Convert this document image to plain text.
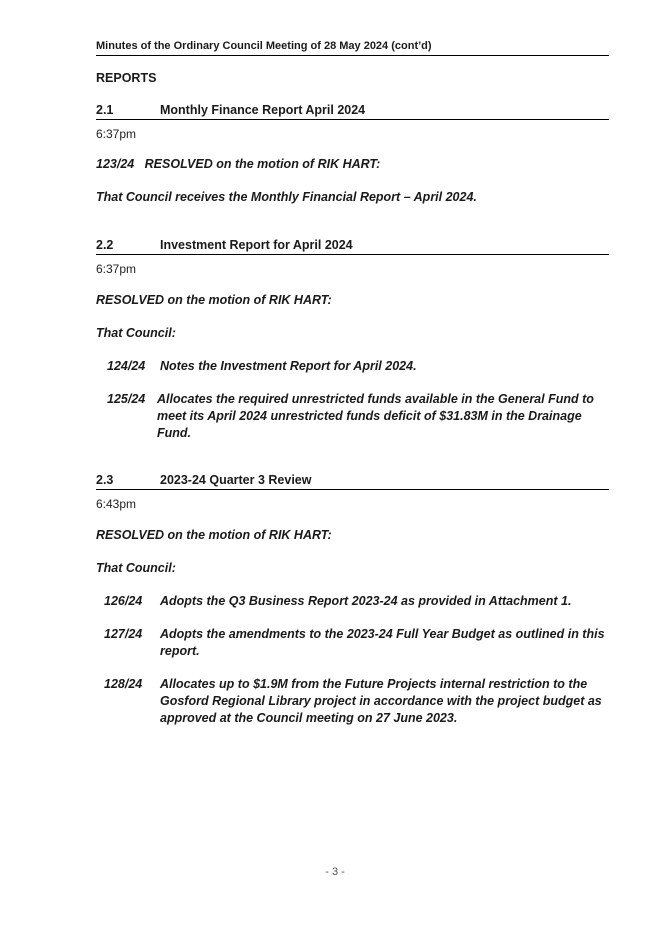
Minutes of the Ordinary Council Meeting of 28 May 2024 (cont’d)
REPORTS
2.1	Monthly Finance Report April 2024
6:37pm
123/24 RESOLVED on the motion of RIK HART:
That Council receives the Monthly Financial Report – April 2024.
2.2	Investment Report for April 2024
6:37pm
RESOLVED on the motion of RIK HART:
That Council:
124/24	Notes the Investment Report for April 2024.
125/24 Allocates the required unrestricted funds available in the General Fund to meet its April 2024 unrestricted funds deficit of $31.83M in the Drainage Fund.
2.3	2023-24 Quarter 3 Review
6:43pm
RESOLVED on the motion of RIK HART:
That Council:
126/24	Adopts the Q3 Business Report 2023-24 as provided in Attachment 1.
127/24	Adopts the amendments to the 2023-24 Full Year Budget as outlined in this report.
128/24	Allocates up to $1.9M from the Future Projects internal restriction to the Gosford Regional Library project in accordance with the project budget as approved at the Council meeting on 27 June 2023.
- 3 -
